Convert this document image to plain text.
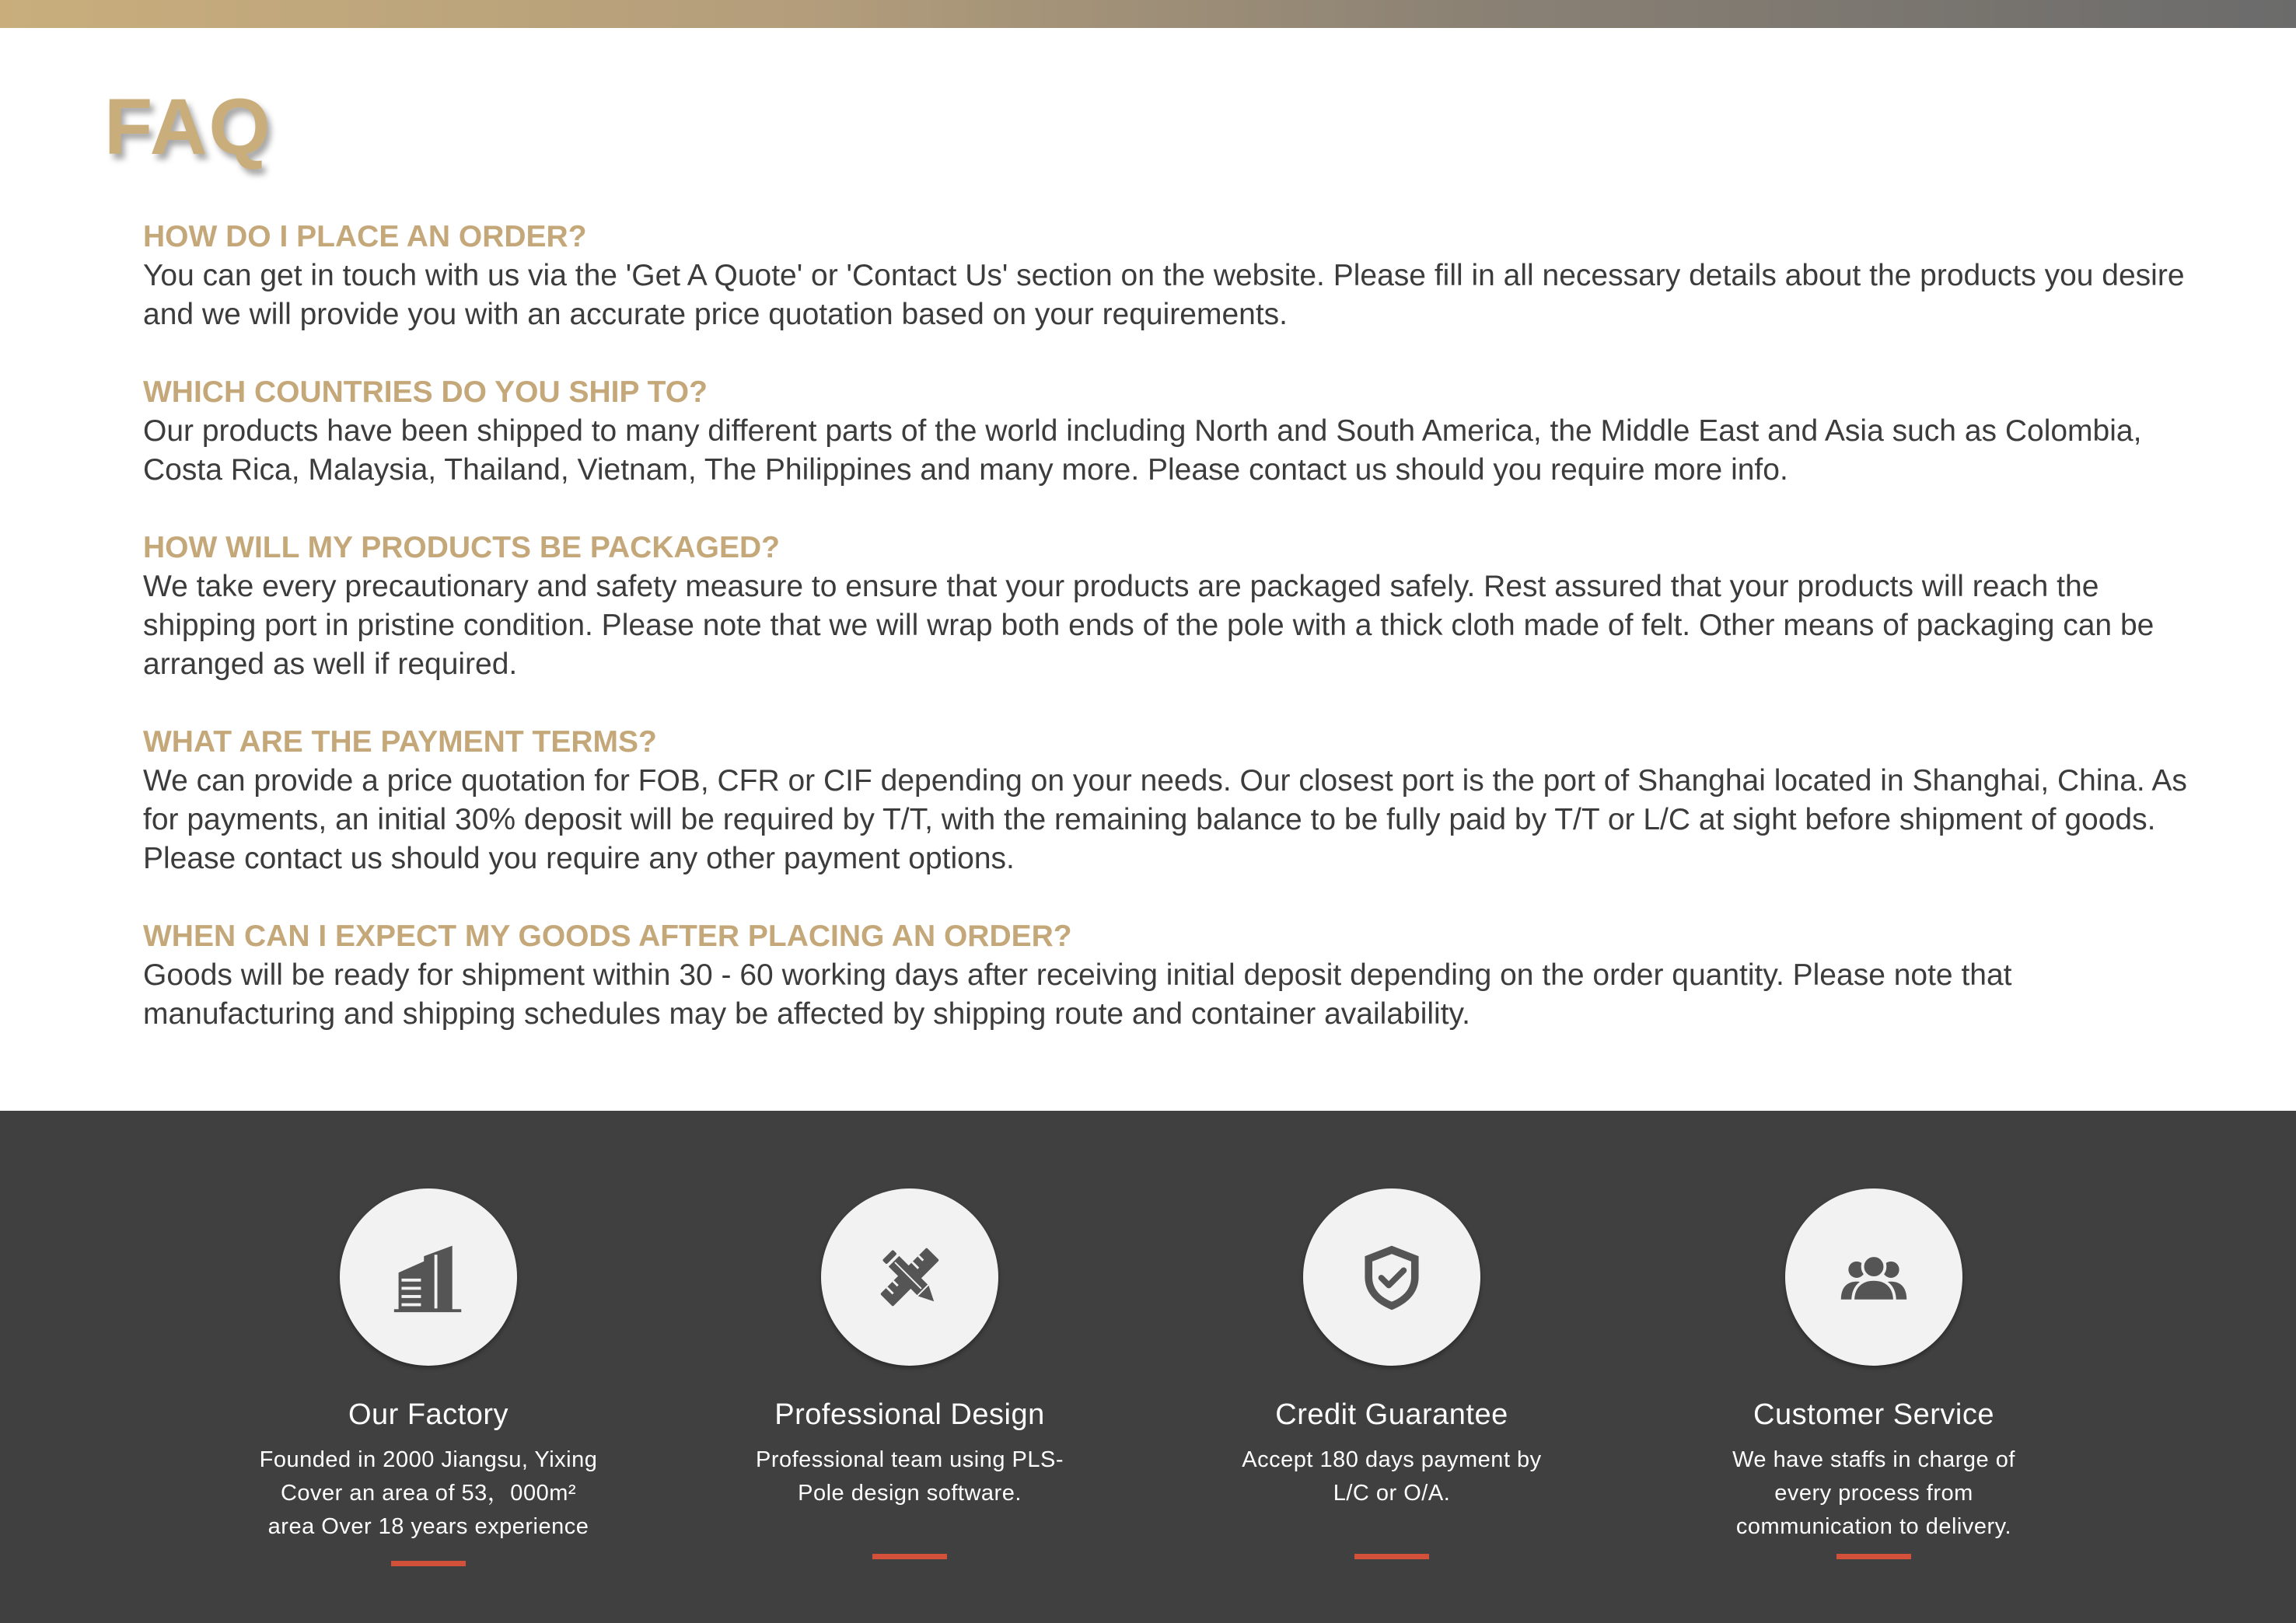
FAQ

HOW DO I PLACE AN ORDER?

You can get in touch with us via the 'Get A Quote' or 'Contact Us' section on the website. Please fill in all necessary details about the products you desire and we will provide you with an accurate price quotation based on your requirements.

WHICH COUNTRIES DO YOU SHIP TO?

Our products have been shipped to many different parts of the world including North and South America, the Middle East and Asia such as Colombia, Costa Rica, Malaysia, Thailand, Vietnam, The Philippines and many more. Please contact us should you require more info.

HOW WILL MY PRODUCTS BE PACKAGED?

We take every precautionary and safety measure to ensure that your products are packaged safely. Rest assured that your products will reach the shipping port in pristine condition. Please note that we will wrap both ends of the pole with a thick cloth made of felt. Other means of packaging can be arranged as well if required.

WHAT ARE THE PAYMENT TERMS?

We can provide a price quotation for FOB, CFR or CIF depending on your needs. Our closest port is the port of Shanghai located in Shanghai, China. As for payments, an initial 30% deposit will be required by T/T, with the remaining balance to be fully paid by T/T or L/C at sight before shipment of goods. Please contact us should you require any other payment options.

WHEN CAN I EXPECT MY GOODS AFTER PLACING AN ORDER?

Goods will be ready for shipment within 30 - 60 working days after receiving initial deposit depending on the order quantity. Please note that manufacturing and shipping schedules may be affected by shipping route and container availability.

Our Factory
Founded in 2000 Jiangsu, Yixing
Cover an area of 53，000m²
area Over 18 years experience
Professional Design
Professional team using PLS-
Pole design software.
Credit Guarantee
Accept 180 days payment by
L/C or O/A.
Customer Service
We have staffs in charge of
every process from
communication to delivery.
